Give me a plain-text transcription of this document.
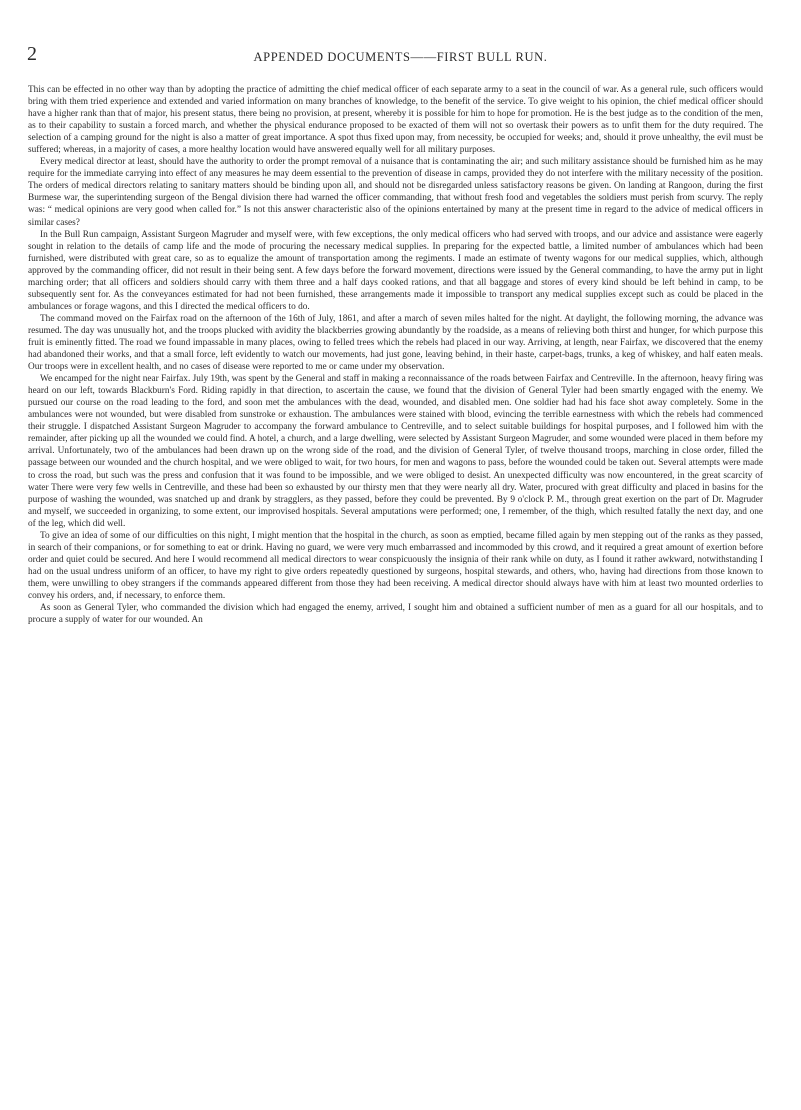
2	APPENDED DOCUMENTS——FIRST BULL RUN.

This can be effected in no other way than by adopting the practice of admitting the chief medical officer of each separate army to a seat in the council of war. As a general rule, such officers would bring with them tried experience and extended and varied information on many branches of knowledge, to the benefit of the service. To give weight to his opinion, the chief medical officer should have a higher rank than that of major, his present status, there being no provision, at present, whereby it is possible for him to hope for promotion. He is the best judge as to the condition of the men, as to their capability to sustain a forced march, and whether the physical endurance proposed to be exacted of them will not so overtask their powers as to unfit them for the duty required. The selection of a camping ground for the night is also a matter of great importance. A spot thus fixed upon may, from necessity, be occupied for weeks; and, should it prove unhealthy, the evil must be suffered; whereas, in a majority of cases, a more healthy location would have answered equally well for all military purposes.

Every medical director at least, should have the authority to order the prompt removal of a nuisance that is contaminating the air; and such military assistance should be furnished him as he may require for the immediate carrying into effect of any measures he may deem essential to the prevention of disease in camps, provided they do not interfere with the military necessity of the position. The orders of medical directors relating to sanitary matters should be binding upon all, and should not be disregarded unless satisfactory reasons be given. On landing at Rangoon, during the first Burmese war, the superintending surgeon of the Bengal division there had warned the officer commanding, that without fresh food and vegetables the soldiers must perish from scurvy. The reply was: “ medical opinions are very good when called for.” Is not this answer characteristic also of the opinions entertained by many at the present time in regard to the advice of medical officers in similar cases?

In the Bull Run campaign, Assistant Surgeon Magruder and myself were, with few exceptions, the only medical officers who had served with troops, and our advice and assistance were eagerly sought in relation to the details of camp life and the mode of procuring the necessary medical supplies. In preparing for the expected battle, a limited number of ambulances which had been furnished, were distributed with great care, so as to equalize the amount of transportation among the regiments. I made an estimate of twenty wagons for our medical supplies, which, although approved by the commanding officer, did not result in their being sent. A few days before the forward movement, directions were issued by the General commanding, to have the army put in light marching order; that all officers and soldiers should carry with them three and a half days cooked rations, and that all baggage and stores of every kind should be left behind in camp, to be subsequently sent for. As the conveyances estimated for had not been furnished, these arrangements made it impossible to transport any medical supplies except such as could be placed in the ambulances or forage wagons, and this I directed the medical officers to do.

The command moved on the Fairfax road on the afternoon of the 16th of July, 1861, and after a march of seven miles halted for the night. At daylight, the following morning, the advance was resumed. The day was unusually hot, and the troops plucked with avidity the blackberries growing abundantly by the roadside, as a means of relieving both thirst and hunger, for which purpose this fruit is eminently fitted. The road we found impassable in many places, owing to felled trees which the rebels had placed in our way. Arriving, at length, near Fairfax, we discovered that the enemy had abandoned their works, and that a small force, left evidently to watch our movements, had just gone, leaving behind, in their haste, carpet-bags, trunks, a keg of whiskey, and half eaten meals. Our troops were in excellent health, and no cases of disease were reported to me or came under my observation.

We encamped for the night near Fairfax. July 19th, was spent by the General and staff in making a reconnaissance of the roads between Fairfax and Centreville. In the afternoon, heavy firing was heard on our left, towards Blackburn's Ford. Riding rapidly in that direction, to ascertain the cause, we found that the division of General Tyler had been smartly engaged with the enemy. We pursued our course on the road leading to the ford, and soon met the ambulances with the dead, wounded, and disabled men. One soldier had had his face shot away completely. Some in the ambulances were not wounded, but were disabled from sunstroke or exhaustion. The ambulances were stained with blood, evincing the terrible earnestness with which the rebels had commenced their struggle. I dispatched Assistant Surgeon Magruder to accompany the forward ambulance to Centreville, and to select suitable buildings for hospital purposes, and I followed him with the remainder, after picking up all the wounded we could find. A hotel, a church, and a large dwelling, were selected by Assistant Surgeon Magruder, and some wounded were placed in them before my arrival. Unfortunately, two of the ambulances had been drawn up on the wrong side of the road, and the division of General Tyler, of twelve thousand troops, marching in close order, filled the passage between our wounded and the church hospital, and we were obliged to wait, for two hours, for men and wagons to pass, before the wounded could be taken out. Several attempts were made to cross the road, but such was the press and confusion that it was found to be impossible, and we were obliged to desist. An unexpected difficulty was now encountered, in the great scarcity of water There were very few wells in Centreville, and these had been so exhausted by our thirsty men that they were nearly all dry. Water, procured with great difficulty and placed in basins for the purpose of washing the wounded, was snatched up and drank by stragglers, as they passed, before they could be prevented. By 9 o'clock P. M., through great exertion on the part of Dr. Magruder and myself, we succeeded in organizing, to some extent, our improvised hospitals. Several amputations were performed; one, I remember, of the thigh, which resulted fatally the next day, and one of the leg, which did well.

To give an idea of some of our difficulties on this night, I might mention that the hospital in the church, as soon as emptied, became filled again by men stepping out of the ranks as they passed, in search of their companions, or for something to eat or drink. Having no guard, we were very much embarrassed and incommoded by this crowd, and it required a great amount of exertion before order and quiet could be secured. And here I would recommend all medical directors to wear conspicuously the insignia of their rank while on duty, as I found it rather awkward, notwithstanding I had on the usual undress uniform of an officer, to have my right to give orders repeatedly questioned by surgeons, hospital stewards, and others, who, having had directions from those known to them, were unwilling to obey strangers if the commands appeared different from those they had been receiving. A medical director should always have with him at least two mounted orderlies to convey his orders, and, if necessary, to enforce them.

As soon as General Tyler, who commanded the division which had engaged the enemy, arrived, I sought him and obtained a sufficient number of men as a guard for all our hospitals, and to procure a supply of water for our wounded. An
